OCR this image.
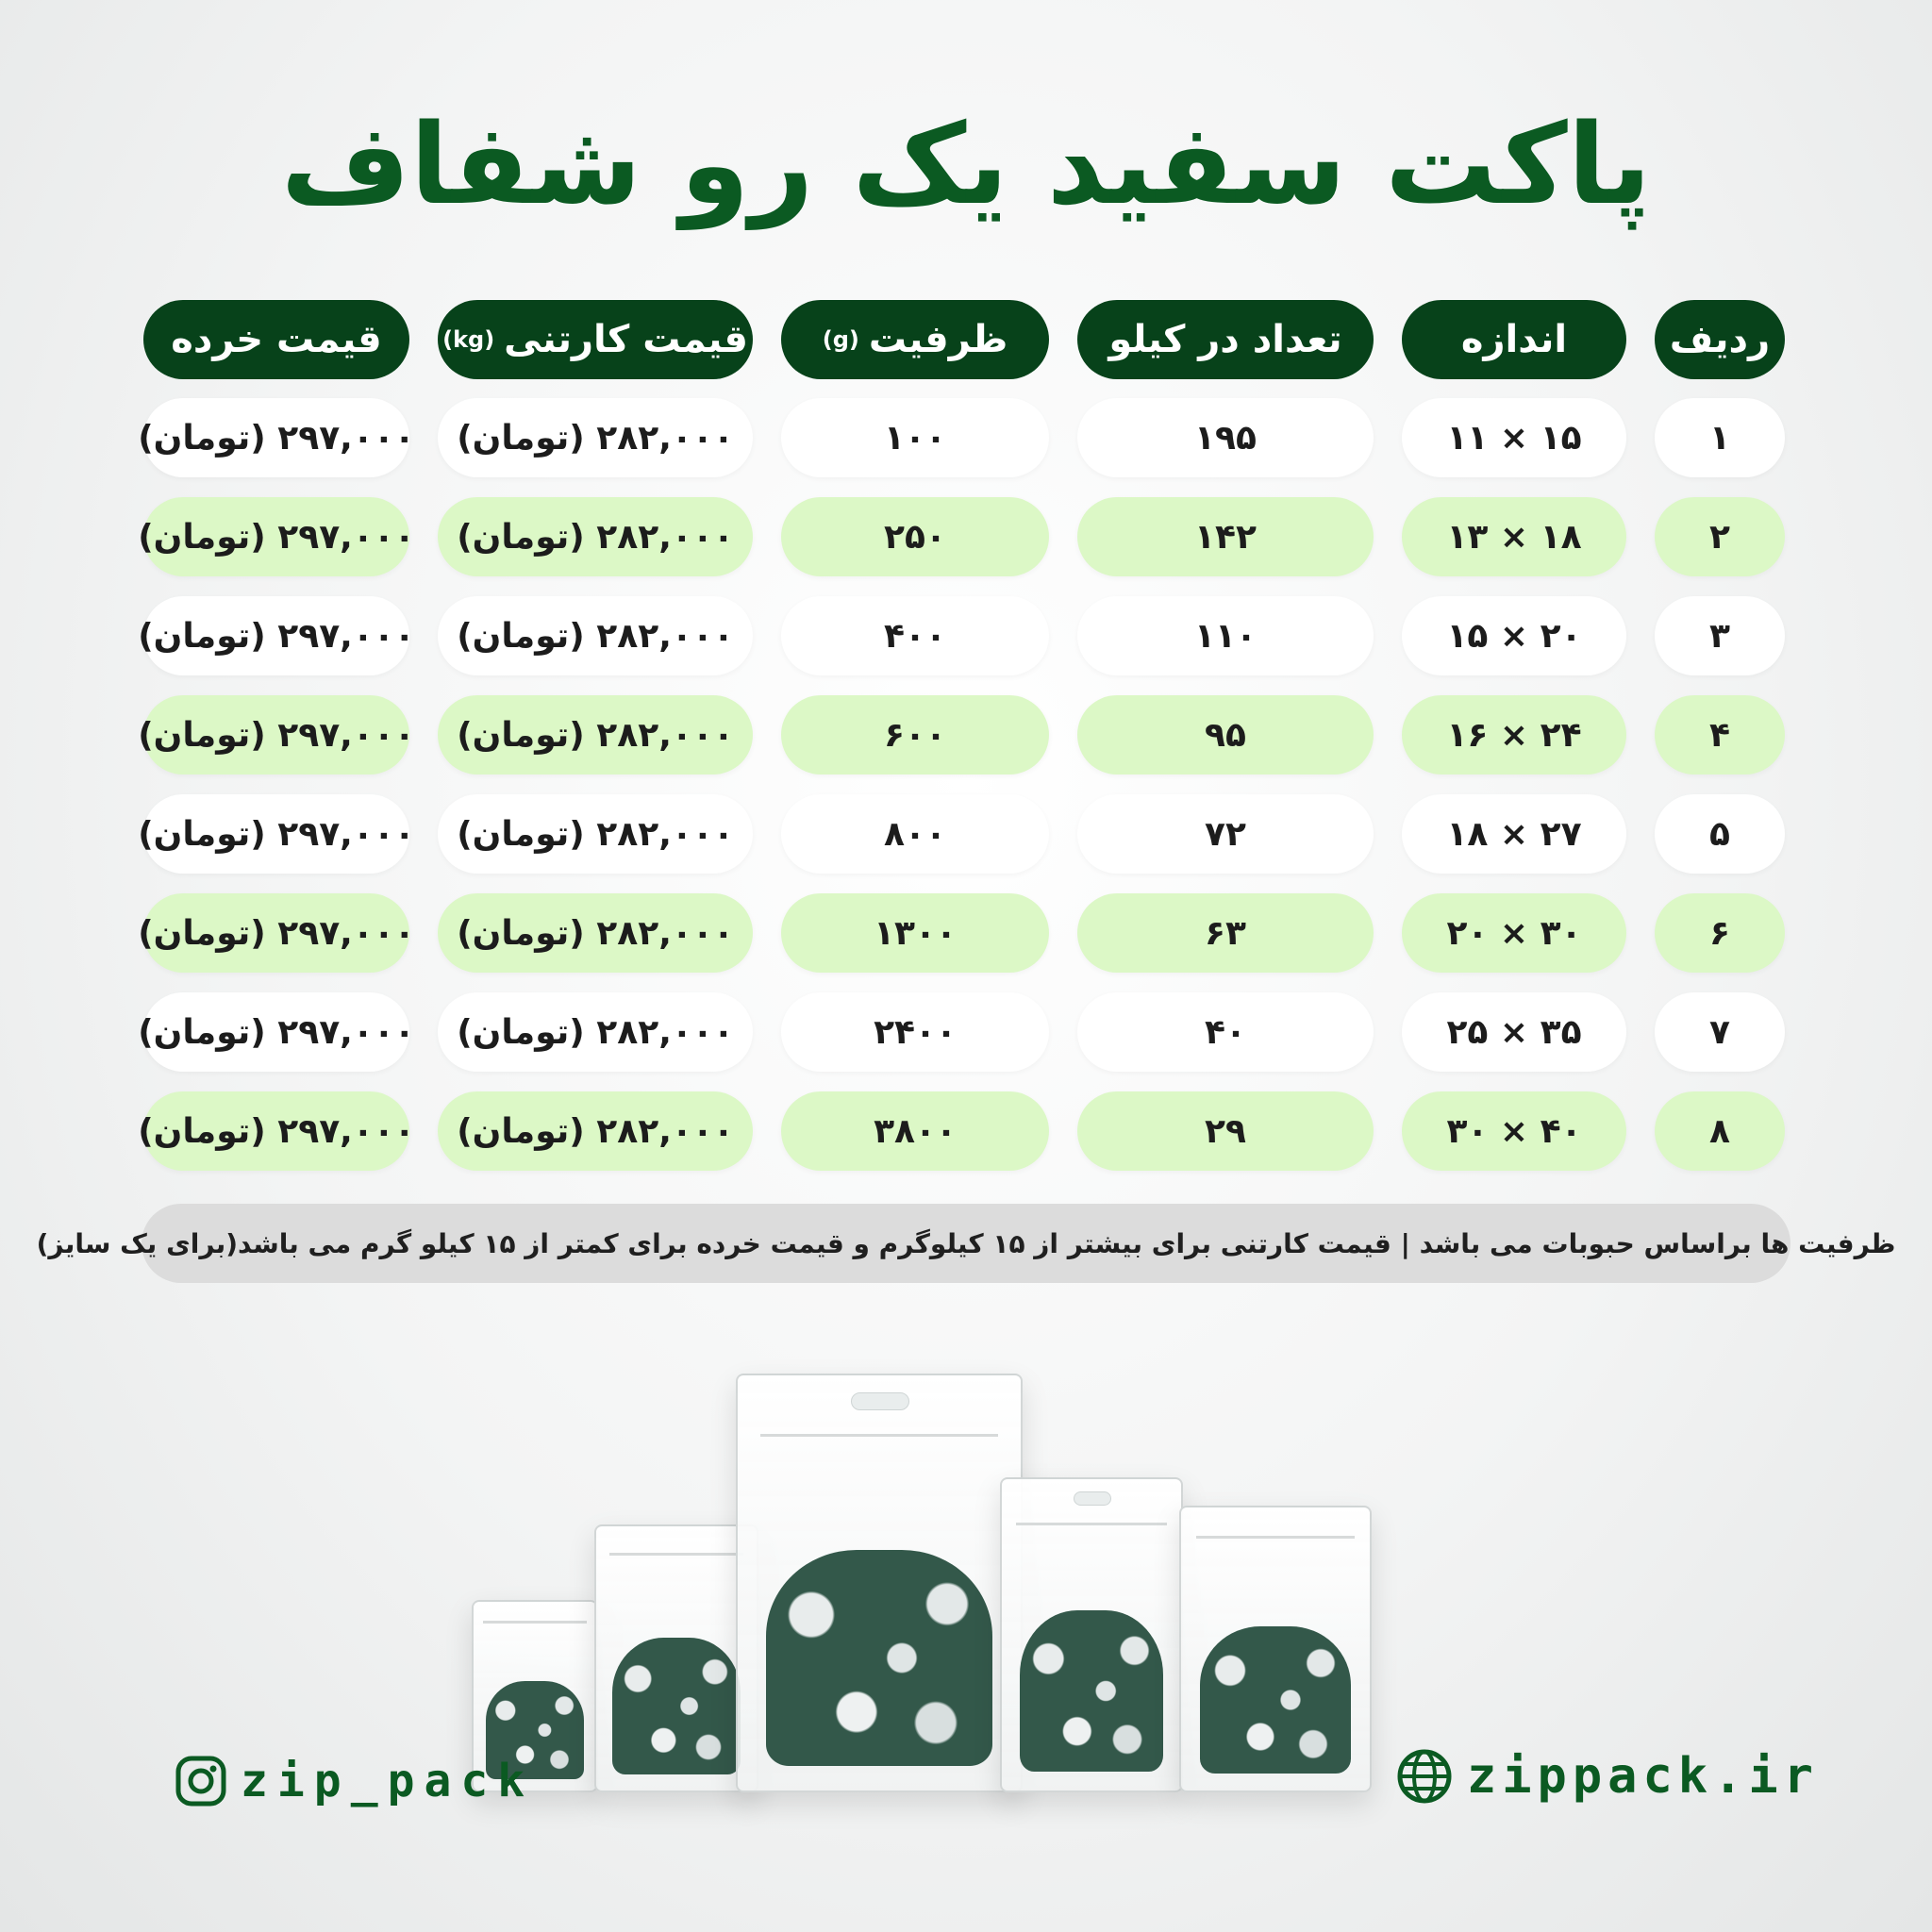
پاکت سفید یک رو شفاف
ردیف
اندازه
تعداد در کیلو
ظرفیت
(g)
قیمت کارتنی
(kg)
قیمت خرده
۱
۱۵ × ۱۱
۱۹۵
۱۰۰
۲۸۲,۰۰۰ (تومان)
۲۹۷,۰۰۰ (تومان)
۲
۱۸ × ۱۳
۱۴۲
۲۵۰
۲۸۲,۰۰۰ (تومان)
۲۹۷,۰۰۰ (تومان)
۳
۲۰ × ۱۵
۱۱۰
۴۰۰
۲۸۲,۰۰۰ (تومان)
۲۹۷,۰۰۰ (تومان)
۴
۲۴ × ۱۶
۹۵
۶۰۰
۲۸۲,۰۰۰ (تومان)
۲۹۷,۰۰۰ (تومان)
۵
۲۷ × ۱۸
۷۲
۸۰۰
۲۸۲,۰۰۰ (تومان)
۲۹۷,۰۰۰ (تومان)
۶
۳۰ × ۲۰
۶۳
۱۳۰۰
۲۸۲,۰۰۰ (تومان)
۲۹۷,۰۰۰ (تومان)
۷
۳۵ × ۲۵
۴۰
۲۴۰۰
۲۸۲,۰۰۰ (تومان)
۲۹۷,۰۰۰ (تومان)
۸
۴۰ × ۳۰
۲۹
۳۸۰۰
۲۸۲,۰۰۰ (تومان)
۲۹۷,۰۰۰ (تومان)
ظرفیت ها براساس حبوبات می باشد | قیمت کارتنی برای بیشتر از ۱۵ کیلوگرم و قیمت خرده برای کمتر از ۱۵ کیلو گرم می باشد(برای یک سایز)
zip_pack	zippack.ir
